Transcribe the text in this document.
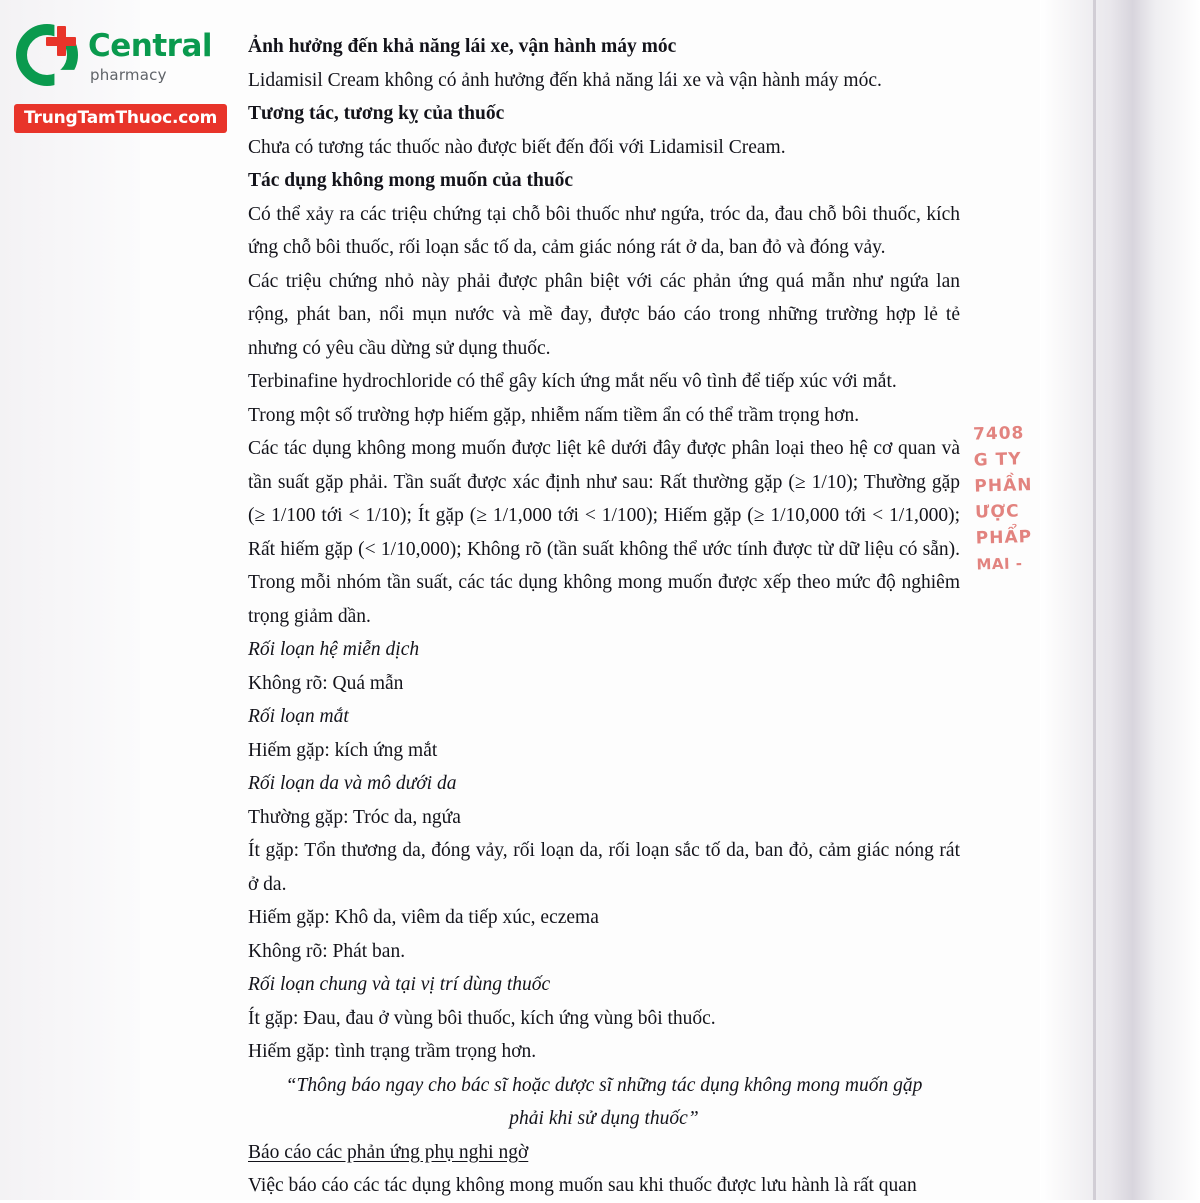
Central
pharmacy
TrungTamThuoc.com
7408
G TY
PHẦN
ƯỢC
PHẨP
MAI -

Ảnh hưởng đến khả năng lái xe, vận hành máy móc

Lidamisil Cream không có ảnh hưởng đến khả năng lái xe và vận hành máy móc.

Tương tác, tương kỵ của thuốc

Chưa có tương tác thuốc nào được biết đến đối với Lidamisil Cream.

Tác dụng không mong muốn của thuốc

Có thể xảy ra các triệu chứng tại chỗ bôi thuốc như ngứa, tróc da, đau chỗ bôi thuốc, kích ứng chỗ bôi thuốc, rối loạn sắc tố da, cảm giác nóng rát ở da, ban đỏ và đóng vảy.

Các triệu chứng nhỏ này phải được phân biệt với các phản ứng quá mẫn như ngứa lan rộng, phát ban, nổi mụn nước và mề đay, được báo cáo trong những trường hợp lẻ tẻ nhưng có yêu cầu dừng sử dụng thuốc.

Terbinafine hydrochloride có thể gây kích ứng mắt nếu vô tình để tiếp xúc với mắt.

Trong một số trường hợp hiếm gặp, nhiễm nấm tiềm ẩn có thể trầm trọng hơn.

Các tác dụng không mong muốn được liệt kê dưới đây được phân loại theo hệ cơ quan và tần suất gặp phải. Tần suất được xác định như sau: Rất thường gặp (≥ 1/10); Thường gặp (≥ 1/100 tới < 1/10); Ít gặp (≥ 1/1,000 tới < 1/100); Hiếm gặp (≥ 1/10,000 tới < 1/1,000); Rất hiếm gặp (< 1/10,000); Không rõ (tần suất không thể ước tính được từ dữ liệu có sẵn). Trong mỗi nhóm tần suất, các tác dụng không mong muốn được xếp theo mức độ nghiêm trọng giảm dần.

Rối loạn hệ miễn dịch

Không rõ: Quá mẫn

Rối loạn mắt

Hiếm gặp: kích ứng mắt

Rối loạn da và mô dưới da

Thường gặp: Tróc da, ngứa

Ít gặp: Tổn thương da, đóng vảy, rối loạn da, rối loạn sắc tố da, ban đỏ, cảm giác nóng rát ở da.

Hiếm gặp: Khô da, viêm da tiếp xúc, eczema

Không rõ: Phát ban.

Rối loạn chung và tại vị trí dùng thuốc

Ít gặp: Đau, đau ở vùng bôi thuốc, kích ứng vùng bôi thuốc.

Hiếm gặp: tình trạng trầm trọng hơn.

“Thông báo ngay cho bác sĩ hoặc dược sĩ những tác dụng không mong muốn gặp phải khi sử dụng thuốc”

Báo cáo các phản ứng phụ nghi ngờ

Việc báo cáo các tác dụng không mong muốn sau khi thuốc được lưu hành là rất quan
